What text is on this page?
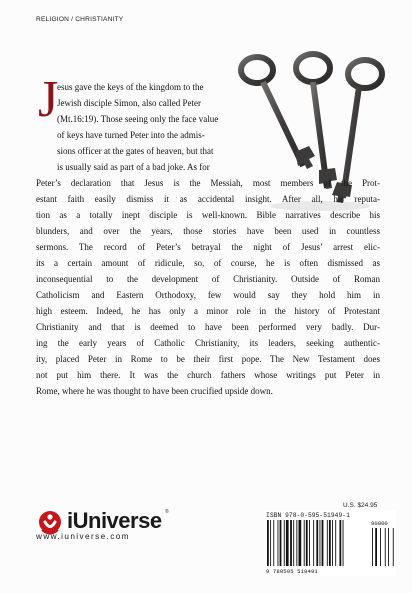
RELIGION / CHRISTIANITY
J
esus gave the keys of the kingdom to the
Jewish disciple Simon, also called Peter
(Mt.16:19). Those seeing only the face value
of keys have turned Peter into the admis-
sions officer at the gates of heaven, but that
is usually said as part of a bad joke. As for
Peter’s declaration that Jesus is the Messiah, most members of the Prot-
estant faith easily dismiss it as accidental insight. After all, his reputa-
tion as a totally inept disciple is well-known. Bible narratives describe his
blunders, and over the years, those stories have been used in countless
sermons. The record of Peter’s betrayal the night of Jesus’ arrest elic-
its a certain amount of ridicule, so, of course, he is often dismissed as
inconsequential to the development of Christianity. Outside of Roman
Catholicism and Eastern Orthodoxy, few would say they hold him in
high esteem. Indeed, he has only a minor role in the history of Protestant
Christianity and that is deemed to have been performed very badly. Dur-
ing the early years of Catholic Christianity, its leaders, seeking authentic-
ity, placed Peter in Rome to be their first pope. The New Testament does
not put him there. It was the church fathers whose writings put Peter in
Rome, where he was thought to have been crucified upside down.
iUniverse ®
www.iuniverse.com
U.S. $24.95
ISBN 978-0-595-51949-1
90000
9 780595 519491
